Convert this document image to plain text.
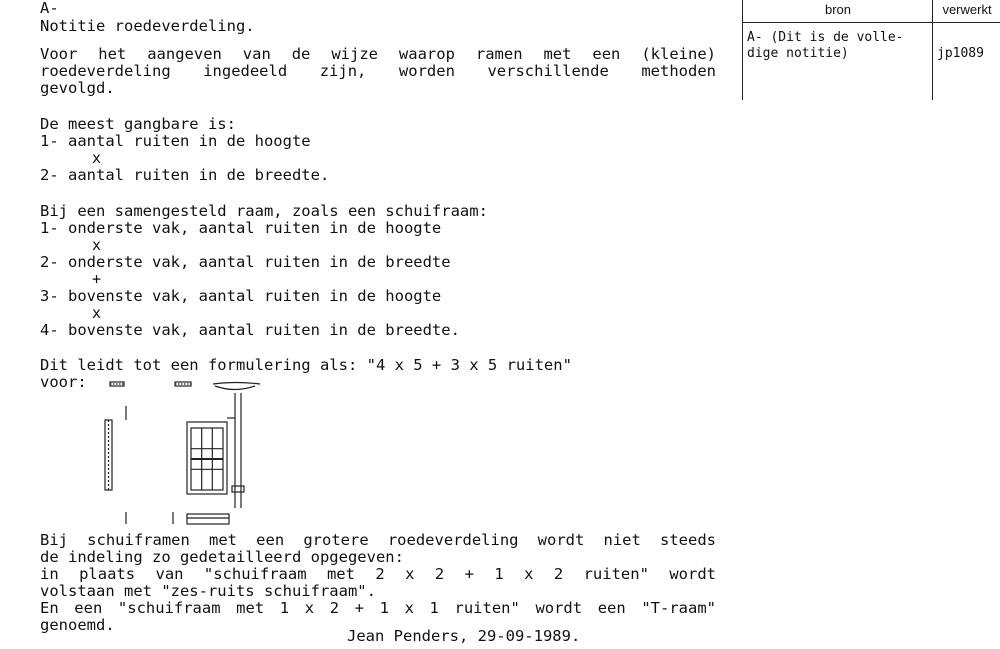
A-
Notitie roedeverdeling.
Voor het aangeven van de wijze waarop ramen met een (kleine)
roedeverdeling ingedeeld zijn, worden verschillende methoden
gevolgd.
De meest gangbare is:
1- aantal ruiten in de hoogte
x
2- aantal ruiten in de breedte.
Bij een samengesteld raam, zoals een schuifraam:
1- onderste vak, aantal ruiten in de hoogte
x
2- onderste vak, aantal ruiten in de breedte
+
3- bovenste vak, aantal ruiten in de hoogte
x
4- bovenste vak, aantal ruiten in de breedte.
Dit leidt tot een formulering als: "4 x 5 + 3 x 5 ruiten"
voor:
Bij schuiframen met een grotere roedeverdeling wordt niet steeds
de indeling zo gedetailleerd opgegeven:
in plaats van "schuifraam met 2 x 2 + 1 x 2 ruiten" wordt
volstaan met "zes-ruits schuifraam".
En een "schuifraam met 1 x 2 + 1 x 1 ruiten" wordt een "T-raam"
genoemd.
Jean Penders, 29-09-1989.
bron	verwerkt
A- (Dit is de volle-
dige notitie)	jp1089
